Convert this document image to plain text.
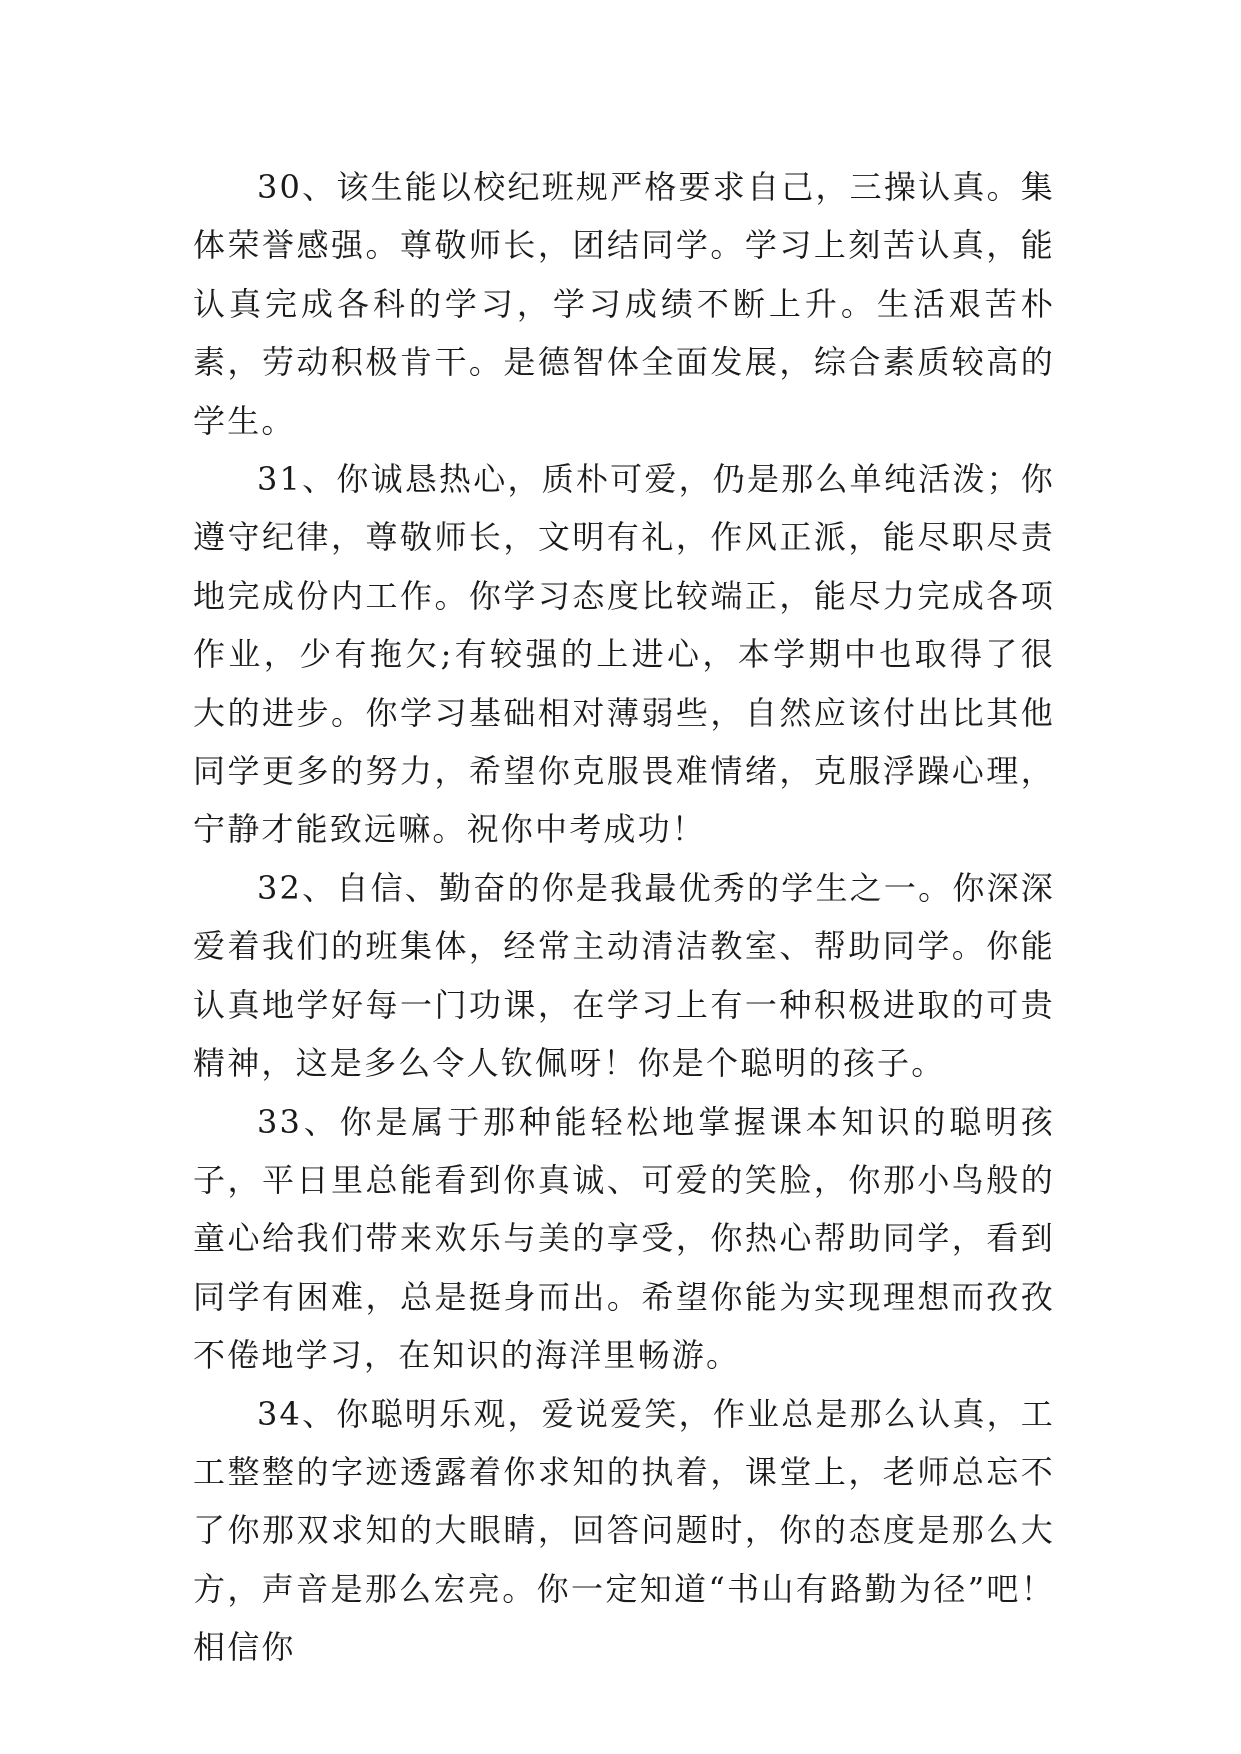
30、该生能以校纪班规严格要求自己，三操认真。集体荣誉感强。尊敬师长，团结同学。学习上刻苦认真，能认真完成各科的学习，学习成绩不断上升。生活艰苦朴素，劳动积极肯干。是德智体全面发展，综合素质较高的学生。

31、你诚恳热心，质朴可爱，仍是那么单纯活泼；你遵守纪律，尊敬师长，文明有礼，作风正派，能尽职尽责地完成份内工作。你学习态度比较端正，能尽力完成各项作业，少有拖欠;有较强的上进心，本学期中也取得了很大的进步。你学习基础相对薄弱些，自然应该付出比其他同学更多的努力，希望你克服畏难情绪，克服浮躁心理，宁静才能致远嘛。祝你中考成功！

32、自信、勤奋的你是我最优秀的学生之一。你深深爱着我们的班集体，经常主动清洁教室、帮助同学。你能认真地学好每一门功课，在学习上有一种积极进取的可贵精神，这是多么令人钦佩呀！你是个聪明的孩子。

33、你是属于那种能轻松地掌握课本知识的聪明孩子，平日里总能看到你真诚、可爱的笑脸，你那小鸟般的童心给我们带来欢乐与美的享受，你热心帮助同学，看到同学有困难，总是挺身而出。希望你能为实现理想而孜孜不倦地学习，在知识的海洋里畅游。

34、你聪明乐观，爱说爱笑，作业总是那么认真，工工整整的字迹透露着你求知的执着，课堂上，老师总忘不了你那双求知的大眼睛，回答问题时，你的态度是那么大方，声音是那么宏亮。你一定知道“书山有路勤为径”吧！相信你
